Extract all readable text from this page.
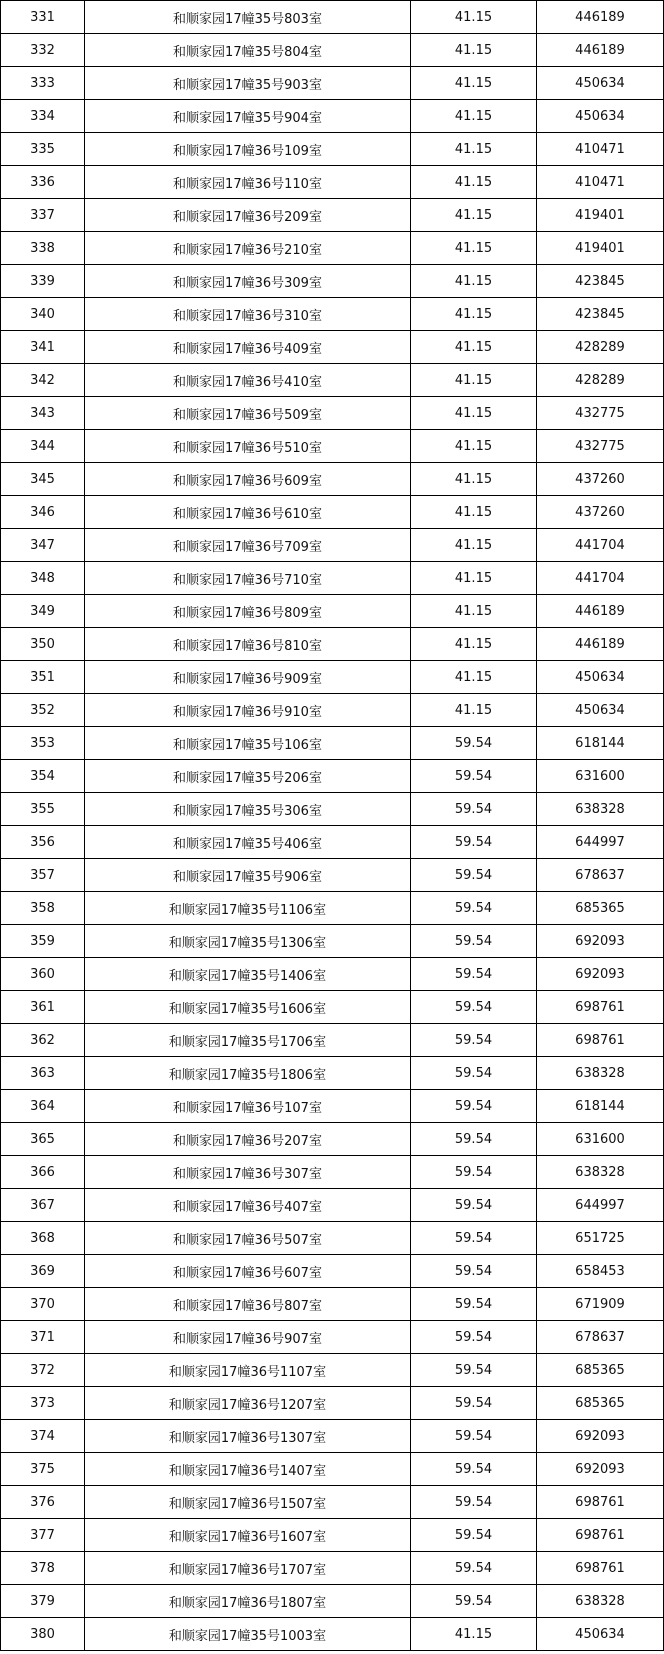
331	和顺家园17幢35号803室	41.15	446189
332	和顺家园17幢35号804室	41.15	446189
333	和顺家园17幢35号903室	41.15	450634
334	和顺家园17幢35号904室	41.15	450634
335	和顺家园17幢36号109室	41.15	410471
336	和顺家园17幢36号110室	41.15	410471
337	和顺家园17幢36号209室	41.15	419401
338	和顺家园17幢36号210室	41.15	419401
339	和顺家园17幢36号309室	41.15	423845
340	和顺家园17幢36号310室	41.15	423845
341	和顺家园17幢36号409室	41.15	428289
342	和顺家园17幢36号410室	41.15	428289
343	和顺家园17幢36号509室	41.15	432775
344	和顺家园17幢36号510室	41.15	432775
345	和顺家园17幢36号609室	41.15	437260
346	和顺家园17幢36号610室	41.15	437260
347	和顺家园17幢36号709室	41.15	441704
348	和顺家园17幢36号710室	41.15	441704
349	和顺家园17幢36号809室	41.15	446189
350	和顺家园17幢36号810室	41.15	446189
351	和顺家园17幢36号909室	41.15	450634
352	和顺家园17幢36号910室	41.15	450634
353	和顺家园17幢35号106室	59.54	618144
354	和顺家园17幢35号206室	59.54	631600
355	和顺家园17幢35号306室	59.54	638328
356	和顺家园17幢35号406室	59.54	644997
357	和顺家园17幢35号906室	59.54	678637
358	和顺家园17幢35号1106室	59.54	685365
359	和顺家园17幢35号1306室	59.54	692093
360	和顺家园17幢35号1406室	59.54	692093
361	和顺家园17幢35号1606室	59.54	698761
362	和顺家园17幢35号1706室	59.54	698761
363	和顺家园17幢35号1806室	59.54	638328
364	和顺家园17幢36号107室	59.54	618144
365	和顺家园17幢36号207室	59.54	631600
366	和顺家园17幢36号307室	59.54	638328
367	和顺家园17幢36号407室	59.54	644997
368	和顺家园17幢36号507室	59.54	651725
369	和顺家园17幢36号607室	59.54	658453
370	和顺家园17幢36号807室	59.54	671909
371	和顺家园17幢36号907室	59.54	678637
372	和顺家园17幢36号1107室	59.54	685365
373	和顺家园17幢36号1207室	59.54	685365
374	和顺家园17幢36号1307室	59.54	692093
375	和顺家园17幢36号1407室	59.54	692093
376	和顺家园17幢36号1507室	59.54	698761
377	和顺家园17幢36号1607室	59.54	698761
378	和顺家园17幢36号1707室	59.54	698761
379	和顺家园17幢36号1807室	59.54	638328
380	和顺家园17幢35号1003室	41.15	450634
